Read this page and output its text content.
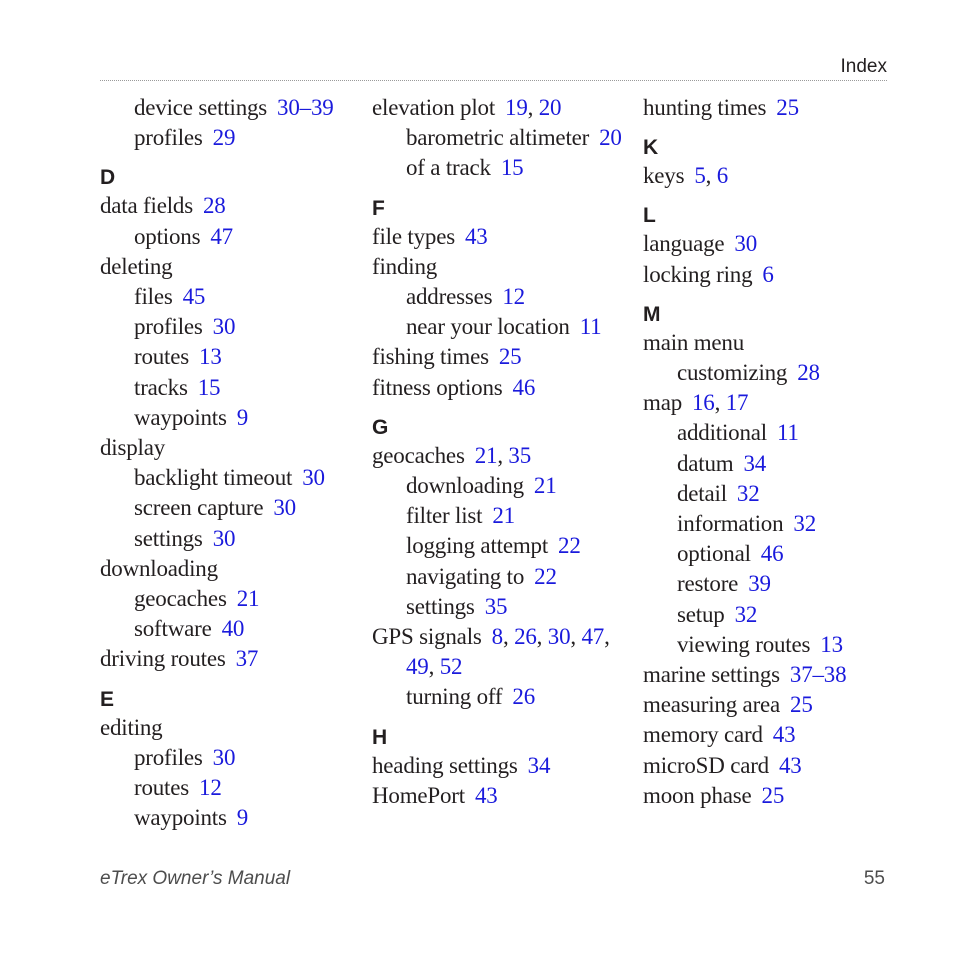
Index
device settings 30–39
profiles 29
D
data fields 28
options 47
deleting
files 45
profiles 30
routes 13
tracks 15
waypoints 9
display
backlight timeout 30
screen capture 30
settings 30
downloading
geocaches 21
software 40
driving routes 37
E
editing
profiles 30
routes 12
waypoints 9
elevation plot 19, 20
barometric altimeter 20
of a track 15
F
file types 43
finding
addresses 12
near your location 11
fishing times 25
fitness options 46
G
geocaches 21, 35
downloading 21
filter list 21
logging attempt 22
navigating to 22
settings 35
GPS signals 8, 26, 30, 47,
49, 52
turning off 26
H
heading settings 34
HomePort 43
hunting times 25
K
keys 5, 6
L
language 30
locking ring 6
M
main menu
customizing 28
map 16, 17
additional 11
datum 34
detail 32
information 32
optional 46
restore 39
setup 32
viewing routes 13
marine settings 37–38
measuring area 25
memory card 43
microSD card 43
moon phase 25
eTrex Owner’s Manual	55
